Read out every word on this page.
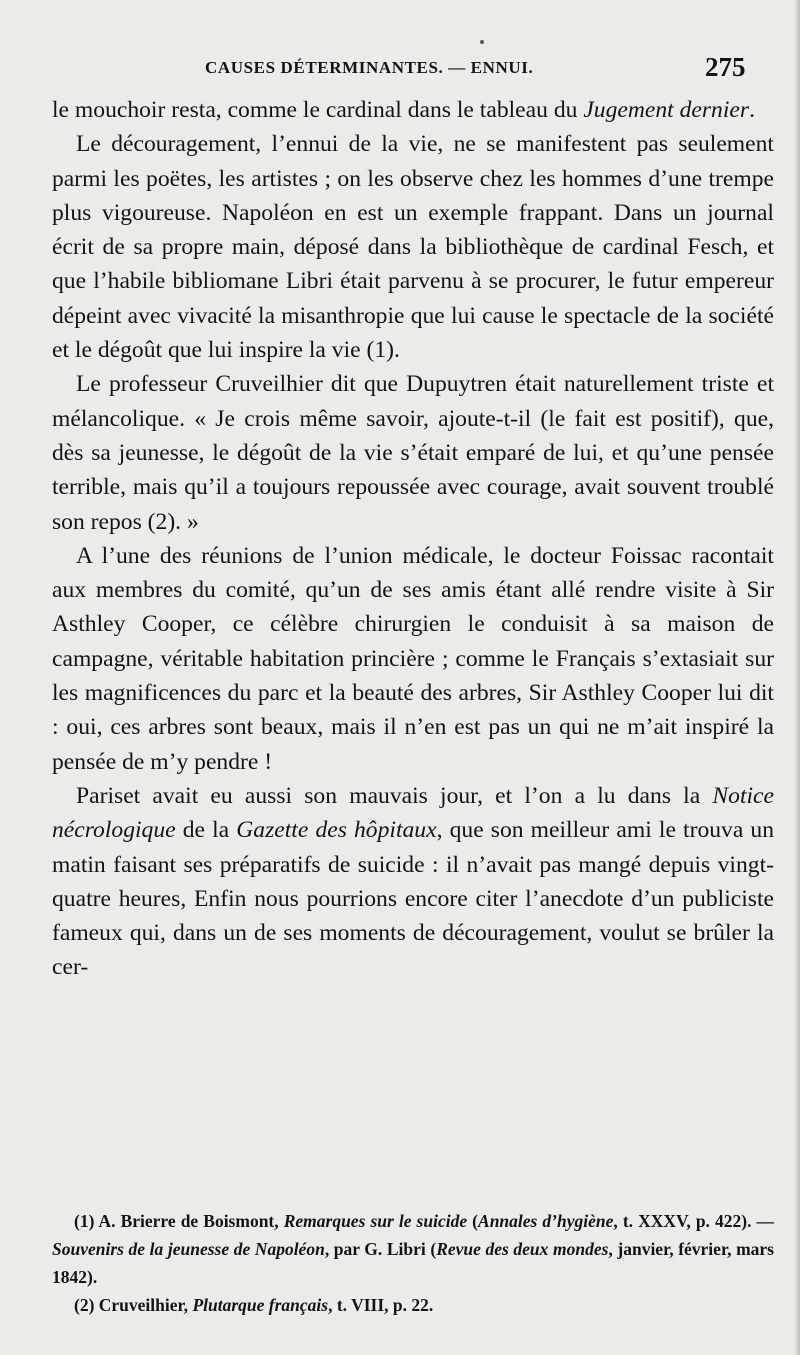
CAUSES DÉTERMINANTES. — ENNUI.	275

le mouchoir resta, comme le cardinal dans le tableau du Jugement dernier.

Le découragement, l’ennui de la vie, ne se manifestent pas seulement parmi les poëtes, les artistes ; on les observe chez les hommes d’une trempe plus vigoureuse. Napoléon en est un exemple frappant. Dans un journal écrit de sa propre main, déposé dans la bibliothèque de cardinal Fesch, et que l’habile bibliomane Libri était parvenu à se procurer, le futur empereur dépeint avec vivacité la misanthropie que lui cause le spectacle de la société et le dégoût que lui inspire la vie (1).

Le professeur Cruveilhier dit que Dupuytren était naturellement triste et mélancolique. « Je crois même savoir, ajoute-t-il (le fait est positif), que, dès sa jeunesse, le dégoût de la vie s’était emparé de lui, et qu’une pensée terrible, mais qu’il a toujours repoussée avec courage, avait souvent troublé son repos (2). »

A l’une des réunions de l’union médicale, le docteur Foissac racontait aux membres du comité, qu’un de ses amis étant allé rendre visite à Sir Asthley Cooper, ce célèbre chirurgien le conduisit à sa maison de campagne, véritable habitation princière ; comme le Français s’extasiait sur les magnificences du parc et la beauté des arbres, Sir Asthley Cooper lui dit : oui, ces arbres sont beaux, mais il n’en est pas un qui ne m’ait inspiré la pensée de m’y pendre !

Pariset avait eu aussi son mauvais jour, et l’on a lu dans la Notice nécrologique de la Gazette des hôpitaux, que son meilleur ami le trouva un matin faisant ses préparatifs de suicide : il n’avait pas mangé depuis vingt-quatre heures, Enfin nous pourrions encore citer l’anecdote d’un publiciste fameux qui, dans un de ses moments de découragement, voulut se brûler la cer-

(1) A. Brierre de Boismont, Remarques sur le suicide (Annales d’hygiène, t. XXXV, p. 422). — Souvenirs de la jeunesse de Napoléon, par G. Libri (Revue des deux mondes, janvier, février, mars 1842).

(2) Cruveilhier, Plutarque français, t. VIII, p. 22.
